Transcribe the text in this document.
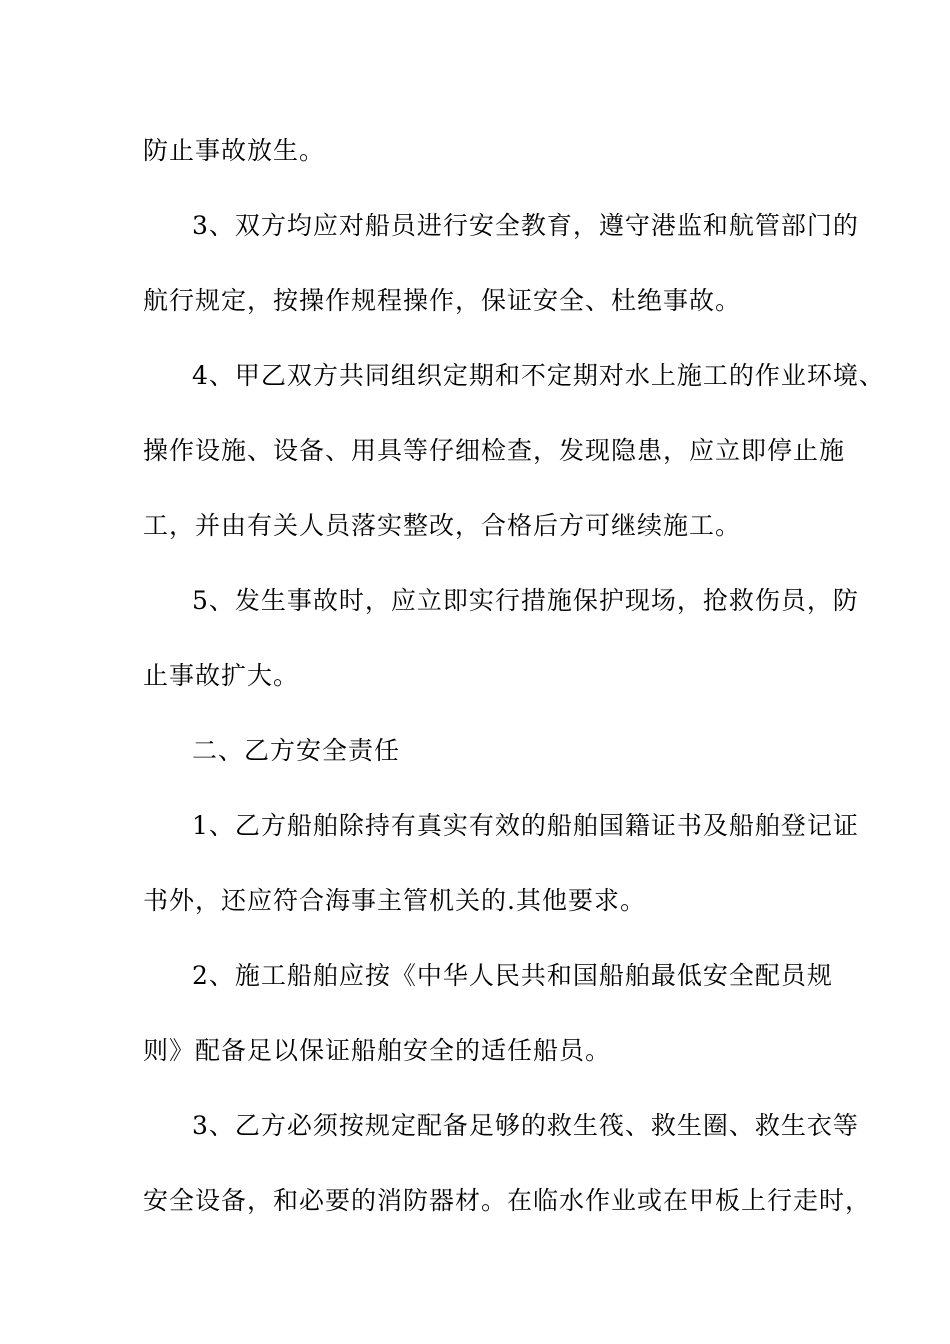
防止事故放生。
3、双方均应对船员进行安全教育，遵守港监和航管部门的
航行规定，按操作规程操作，保证安全、杜绝事故。
4、甲乙双方共同组织定期和不定期对水上施工的作业环境、
操作设施、设备、用具等仔细检查，发现隐患，应立即停止施
工，并由有关人员落实整改，合格后方可继续施工。
5、发生事故时，应立即实行措施保护现场，抢救伤员，防
止事故扩大。
二、乙方安全责任
1、乙方船舶除持有真实有效的船舶国籍证书及船舶登记证
书外，还应符合海事主管机关的.其他要求。
2、施工船舶应按《中华人民共和国船舶最低安全配员规
则》配备足以保证船舶安全的适任船员。
3、乙方必须按规定配备足够的救生筏、救生圈、救生衣等
安全设备，和必要的消防器材。在临水作业或在甲板上行走时，
